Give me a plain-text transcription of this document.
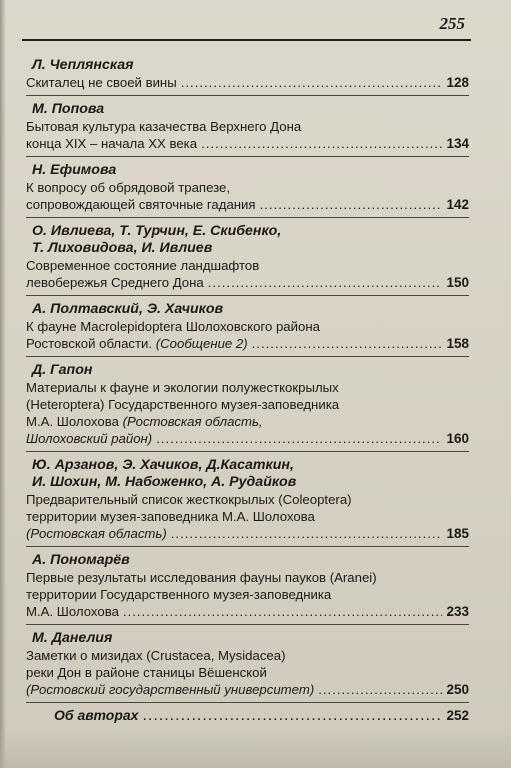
255
Л. Чеплянская
Скиталец не своей вины .....	128
М. Попова
Бытовая культура казачества Верхнего Дона
конца XIX – начала XX века .....	134
Н. Ефимова
К вопросу об обрядовой трапезе,
сопровождающей святочные гадания .....	142
О. Ивлиева, Т. Турчин, Е. Скибенко,
Т. Лиховидова, И. Ивлиев
Современное состояние ландшафтов
левобережья Среднего Дона .....	150
А. Полтавский, Э. Хачиков
К фауне Macrolepidoptera Шолоховского района
Ростовской области. (Сообщение 2) .....	158
Д. Гапон
Материалы к фауне и экологии полужесткокрылых
(Heteroptera) Государственного музея-заповедника
М.А. Шолохова (Ростовская область,
Шолоховский район) .....	160
Ю. Арзанов, Э. Хачиков, Д.Касаткин,
И. Шохин, М. Набоженко, А. Рудайков
Предварительный список жесткокрылых (Coleoptera)
территории музея-заповедника М.А. Шолохова
(Ростовская область) .....	185
А. Пономарёв
Первые результаты исследования фауны пауков (Aranei)
территории Государственного музея-заповедника
М.А. Шолохова .....	233
М. Данелия
Заметки о мизидах (Crustacea, Mysidacea)
реки Дон в районе станицы Вёшенской
(Ростовский государственный университет) .....	250
Об авторах .....	252
